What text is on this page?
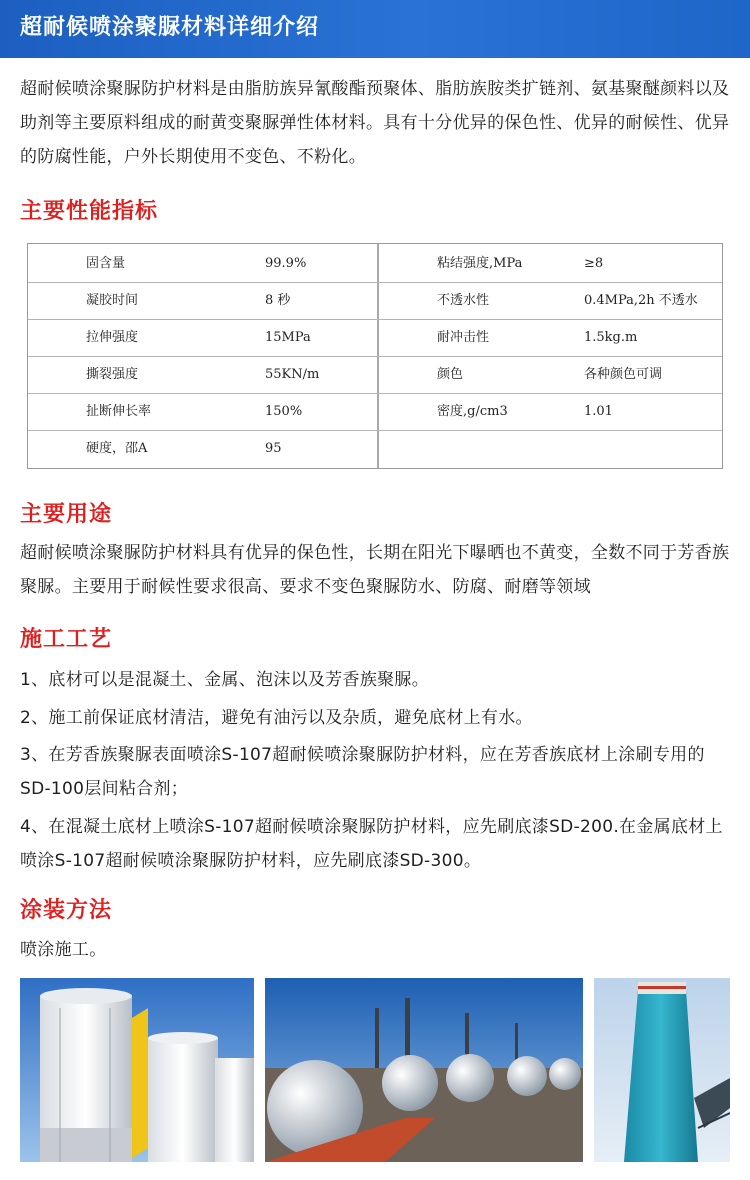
超耐候喷涂聚脲材料详细介绍

超耐候喷涂聚脲防护材料是由脂肪族异氰酸酯预聚体、脂肪族胺类扩链剂、氨基聚醚颜料以及助剂等主要原料组成的耐黄变聚脲弹性体材料。具有十分优异的保色性、优异的耐候性、优异的防腐性能，户外长期使用不变色、不粉化。

主要性能指标
固含量	99.9%	粘结强度,MPa	≥8
凝胶时间	8 秒	不透水性	0.4MPa,2h 不透水
拉伸强度	15MPa	耐冲击性	1.5kg.m
撕裂强度	55KN/m	颜色	各种颜色可调
扯断伸长率	150%	密度,g/cm3	1.01
硬度，邵A	95
主要用途

超耐候喷涂聚脲防护材料具有优异的保色性，长期在阳光下曝晒也不黄变，全数不同于芳香族聚脲。主要用于耐候性要求很高、要求不变色聚脲防水、防腐、耐磨等领域

施工工艺

1、底材可以是混凝土、金属、泡沫以及芳香族聚脲。

2、施工前保证底材清洁，避免有油污以及杂质，避免底材上有水。

3、在芳香族聚脲表面喷涂S-107超耐候喷涂聚脲防护材料，应在芳香族底材上涂刷专用的SD-100层间粘合剂；

4、在混凝土底材上喷涂S-107超耐候喷涂聚脲防护材料，应先刷底漆SD-200.在金属底材上喷涂S-107超耐候喷涂聚脲防护材料，应先刷底漆SD-300。

涂装方法

喷涂施工。
